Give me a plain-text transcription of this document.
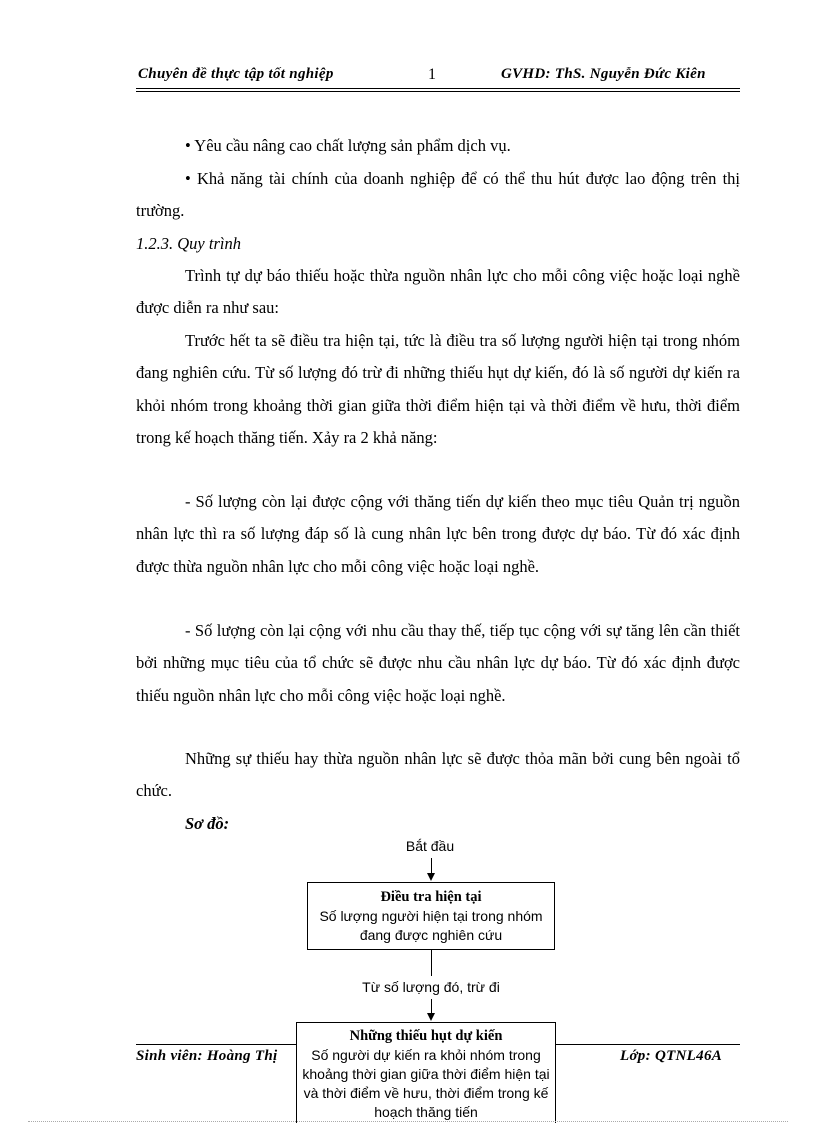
Chuyên đề thực tập tốt nghiệp	1	GVHD: ThS. Nguyễn Đức Kiên
• Yêu cầu nâng cao chất lượng sản phẩm dịch vụ.
• Khả năng tài chính của doanh nghiệp để có thể thu hút được lao động trên thị trường.
1.2.3. Quy trình
Trình tự dự báo thiếu hoặc thừa nguồn nhân lực cho mỗi công việc hoặc loại nghề được diễn ra như sau:
Trước hết ta sẽ điều tra hiện tại, tức là điều tra số lượng người hiện tại trong nhóm đang nghiên cứu. Từ số lượng đó trừ đi những thiếu hụt dự kiến, đó là số người dự kiến ra khỏi nhóm trong khoảng thời gian giữa thời điểm hiện tại và thời điểm về hưu, thời điểm trong kế hoạch thăng tiến. Xảy ra 2 khả năng:
- Số lượng còn lại được cộng với thăng tiến dự kiến theo mục tiêu Quản trị nguồn nhân lực thì ra số lượng đáp số là cung nhân lực bên trong được dự báo. Từ đó xác định được thừa nguồn nhân lực cho mỗi công việc hoặc loại nghề.
- Số lượng còn lại cộng với nhu cầu thay thế, tiếp tục cộng với sự tăng lên cần thiết bởi những mục tiêu của tổ chức sẽ được nhu cầu nhân lực dự báo. Từ đó xác định được thiếu nguồn nhân lực cho mỗi công việc hoặc loại nghề.
Những sự thiếu hay thừa nguồn nhân lực sẽ được thỏa mãn bởi cung bên ngoài tổ chức.
Sơ đồ:
Bắt đầu
Điều tra hiện tại
Số lượng người hiện tại trong nhóm đang được nghiên cứu
Từ số lượng đó, trừ đi
Sinh viên: Hoàng Thị	Lớp: QTNL46A
Những thiếu hụt dự kiến
Số người dự kiến ra khỏi nhóm trong khoảng thời gian giữa thời điểm hiện tại và thời điểm về hưu, thời điểm trong kế hoạch thăng tiến
